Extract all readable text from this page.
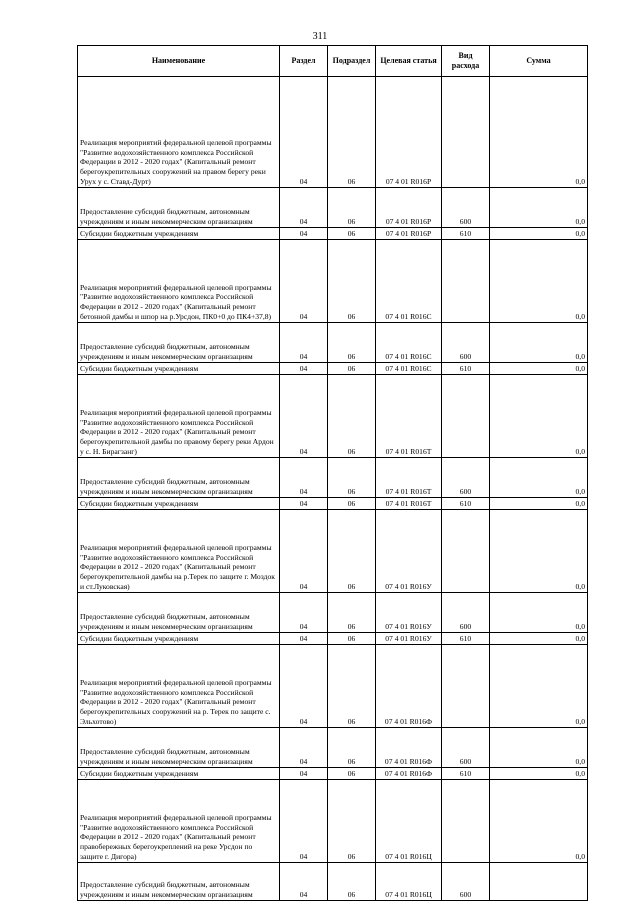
311
Наименование	Раздел	Подраздел	Целевая статья	Вид расхода	Сумма
Реализация мероприятий федеральной целевой программы "Развитие водохозяйственного комплекса Российской Федерации в 2012 - 2020 годах" (Капитальный ремонт берегоукрепительных сооружений на правом берегу реки Урух у с. Ставд-Дурт)	04	06	07 4 01 R016Р		0,0
Предоставление субсидий бюджетным, автономным учреждениям и иным некоммерческим организациям	04	06	07 4 01 R016Р	600	0,0
Субсидии бюджетным учреждениям	04	06	07 4 01 R016Р	610	0,0
Реализация мероприятий федеральной целевой программы "Развитие водохозяйственного комплекса Российской Федерации в 2012 - 2020 годах" (Капитальный ремонт бетонной дамбы и шпор на р.Урсдон, ПК0+0 до ПК4+37,8)	04	06	07 4 01 R016С		0,0
Предоставление субсидий бюджетным, автономным учреждениям и иным некоммерческим организациям	04	06	07 4 01 R016С	600	0,0
Субсидии бюджетным учреждениям	04	06	07 4 01 R016С	610	0,0
Реализация мероприятий федеральной целевой программы "Развитие водохозяйственного комплекса Российской Федерации в 2012 - 2020 годах" (Капитальный ремонт берегоукрепительной дамбы по правому берегу реки Ардон у с. Н. Бирагзанг)	04	06	07 4 01 R016Т		0,0
Предоставление субсидий бюджетным, автономным учреждениям и иным некоммерческим организациям	04	06	07 4 01 R016Т	600	0,0
Субсидии бюджетным учреждениям	04	06	07 4 01 R016Т	610	0,0
Реализация мероприятий федеральной целевой программы "Развитие водохозяйственного комплекса Российской Федерации в 2012 - 2020 годах" (Капитальный ремонт берегоукрепительной дамбы на р.Терек по защите г. Моздок и ст.Луковская)	04	06	07 4 01 R016У		0,0
Предоставление субсидий бюджетным, автономным учреждениям и иным некоммерческим организациям	04	06	07 4 01 R016У	600	0,0
Субсидии бюджетным учреждениям	04	06	07 4 01 R016У	610	0,0
Реализация мероприятий федеральной целевой программы "Развитие водохозяйственного комплекса Российской Федерации в 2012 - 2020 годах" (Капитальный ремонт берегоукрепительных сооружений на р. Терек по защите с. Эльхотово)	04	06	07 4 01 R016Ф		0,0
Предоставление субсидий бюджетным, автономным учреждениям и иным некоммерческим организациям	04	06	07 4 01 R016Ф	600	0,0
Субсидии бюджетным учреждениям	04	06	07 4 01 R016Ф	610	0,0
Реализация мероприятий федеральной целевой программы "Развитие водохозяйственного комплекса Российской Федерации в 2012 - 2020 годах" (Капитальный ремонт правобережных берегоукреплений на реке Урсдон по защите г. Дигора)	04	06	07 4 01 R016Ц		0,0
Предоставление субсидий бюджетным, автономным учреждениям и иным некоммерческим организациям	04	06	07 4 01 R016Ц	600	
